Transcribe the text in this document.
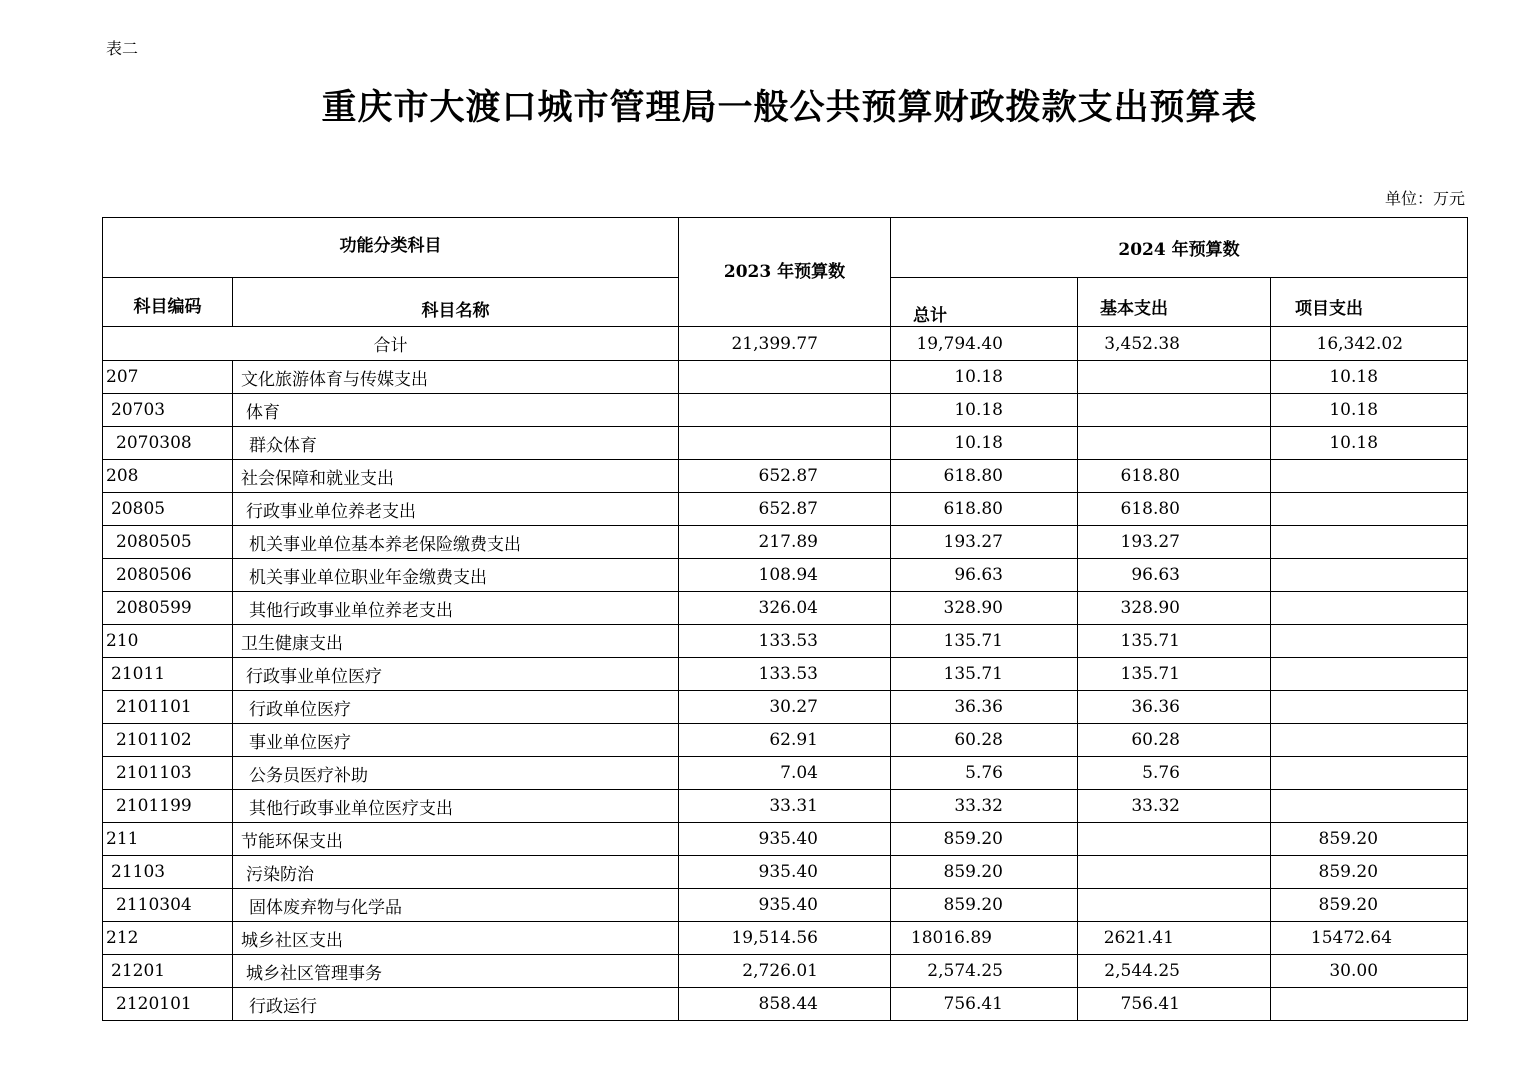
表二
重庆市大渡口城市管理局一般公共预算财政拨款支出预算表
单位：万元
功能分类科目		2023 年预算数	2024 年预算数		
科目编码	科目名称		总计	基本支出	项目支出
合计		21,399.77	19,794.40	3,452.38	16,342.02
207	文化旅游体育与传媒支出		10.18		10.18
20703	体育		10.18		10.18
2070308	群众体育		10.18		10.18
208	社会保障和就业支出	652.87	618.80	618.80	
20805	行政事业单位养老支出	652.87	618.80	618.80	
2080505	机关事业单位基本养老保险缴费支出	217.89	193.27	193.27	
2080506	机关事业单位职业年金缴费支出	108.94	96.63	96.63	
2080599	其他行政事业单位养老支出	326.04	328.90	328.90	
210	卫生健康支出	133.53	135.71	135.71	
21011	行政事业单位医疗	133.53	135.71	135.71	
2101101	行政单位医疗	30.27	36.36	36.36	
2101102	事业单位医疗	62.91	60.28	60.28	
2101103	公务员医疗补助	7.04	5.76	5.76	
2101199	其他行政事业单位医疗支出	33.31	33.32	33.32	
211	节能环保支出	935.40	859.20		859.20
21103	污染防治	935.40	859.20		859.20
2110304	固体废弃物与化学品	935.40	859.20		859.20
212	城乡社区支出	19,514.56	18016.89	2621.41	15472.64
21201	城乡社区管理事务	2,726.01	2,574.25	2,544.25	30.00
2120101	行政运行	858.44	756.41	756.41	
